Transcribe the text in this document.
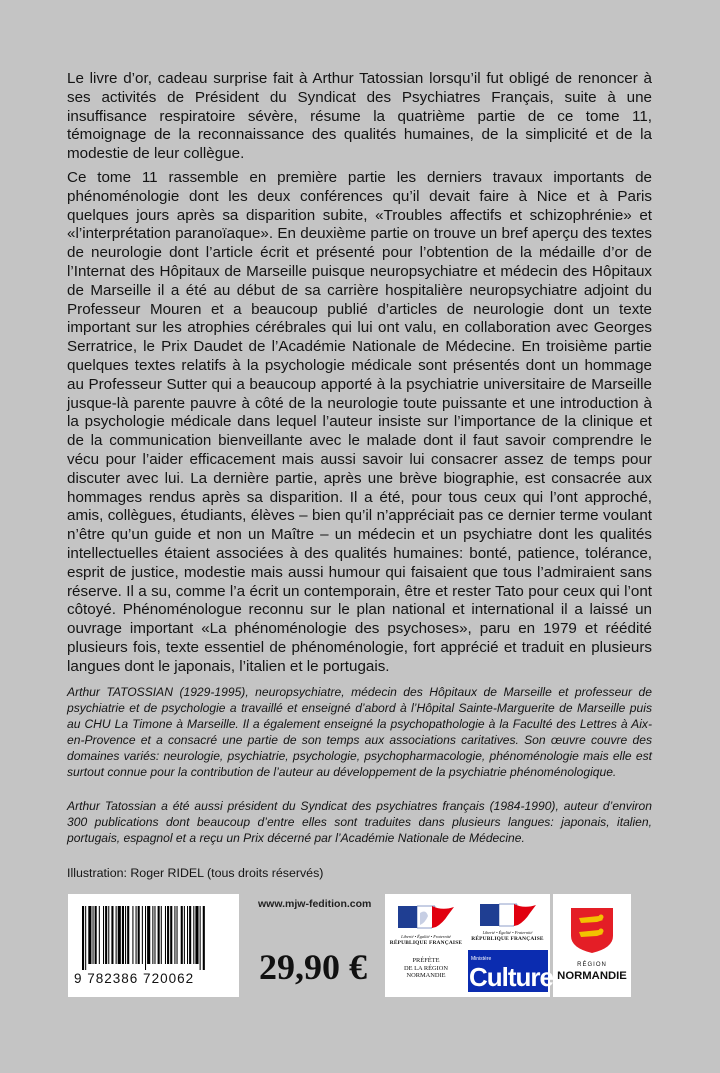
Le livre d’or, cadeau surprise fait à Arthur Tatossian lorsqu’il fut obligé de renoncer à ses activités de Président du Syndicat des Psychiatres Français, suite à une insuffisance respiratoire sévère, résume la quatrième partie de ce tome 11, témoignage de la reconnaissance des qualités humaines, de la simplicité et de la modestie de leur collègue.

Ce tome 11 rassemble en première partie les derniers travaux importants de phénoménologie dont les deux conférences qu’il devait faire à Nice et à Paris quelques jours après sa disparition subite, «Troubles affectifs et schizophrénie» et «l’interprétation paranoïaque». En deuxième partie on trouve un bref aperçu des textes de neurologie dont l’article écrit et présenté pour l’obtention de la médaille d’or de l’Internat des Hôpitaux de Marseille puisque neuropsychiatre et médecin des Hôpitaux de Marseille il a été au début de sa carrière hospitalière neuropsychiatre adjoint du Professeur Mouren et a beaucoup publié d’articles de neurologie dont un texte important sur les atrophies cérébrales qui lui ont valu, en collaboration avec Georges Serratrice, le Prix Daudet de l’Académie Nationale de Médecine. En troisième partie quelques textes relatifs à la psychologie médicale sont présentés dont un hommage au Professeur Sutter qui a beaucoup apporté à la psychiatrie universitaire de Marseille jusque-là parente pauvre à côté de la neurologie toute puissante et une introduction à la psychologie médicale dans lequel l’auteur insiste sur l’importance de la clinique et de la communication bienveillante avec le malade dont il faut savoir comprendre le vécu pour l’aider efficacement mais aussi savoir lui consacrer assez de temps pour discuter avec lui. La dernière partie, après une brève biographie, est consacrée aux hommages rendus après sa disparition. Il a été, pour tous ceux qui l’ont approché, amis, collègues, étudiants, élèves – bien qu’il n’appréciait pas ce dernier terme voulant n’être qu’un guide et non un Maître – un médecin et un psychiatre dont les qualités intellectuelles étaient associées à des qualités humaines: bonté, patience, tolérance, esprit de justice, modestie mais aussi humour qui faisaient que tous l’admiraient sans réserve. Il a su, comme l’a écrit un contemporain, être et rester Tato pour ceux qui l’ont côtoyé. Phénoménologue reconnu sur le plan national et international il a laissé un ouvrage important «La phénoménologie des psychoses», paru en 1979 et réédité plusieurs fois, texte essentiel de phénoménologie, fort apprécié et traduit en plusieurs langues dont le japonais, l’italien et le portugais.

Arthur TATOSSIAN (1929-1995), neuropsychiatre, médecin des Hôpitaux de Marseille et professeur de psychiatrie et de psychologie a travaillé et enseigné d’abord à l’Hôpital Sainte-Marguerite de Marseille puis au CHU La Timone à Marseille. Il a également enseigné la psychopathologie à la Faculté des Lettres à Aix-en-Provence et a consacré une partie de son temps aux associations caritatives. Son œuvre couvre des domaines variés: neurologie, psychiatrie, psychologie, psychopharmacologie, phénoménologie mais elle est surtout connue pour la contribution de l’auteur au développement de la psychiatrie phénoménologique.

Arthur Tatossian a été aussi président du Syndicat des psychiatres français (1984-1990), auteur d’environ 300 publications dont beaucoup d’entre elles sont traduites dans plusieurs langues: japonais, italien, portugais, espagnol et a reçu un Prix décerné par l’Académie Nationale de Médecine.

Illustration: Roger RIDEL (tous droits réservés)

9 782386 720062
www.mjw-fedition.com
29,90 €
Liberté • Égalité • Fraternité
RÉPUBLIQUE FRANÇAISE
PRÉFÈTE
DE LA RÉGION
NORMANDIE
Liberté • Égalité • Fraternité
RÉPUBLIQUE FRANÇAISE
Ministère
Culture	RÉGION
NORMANDIE
